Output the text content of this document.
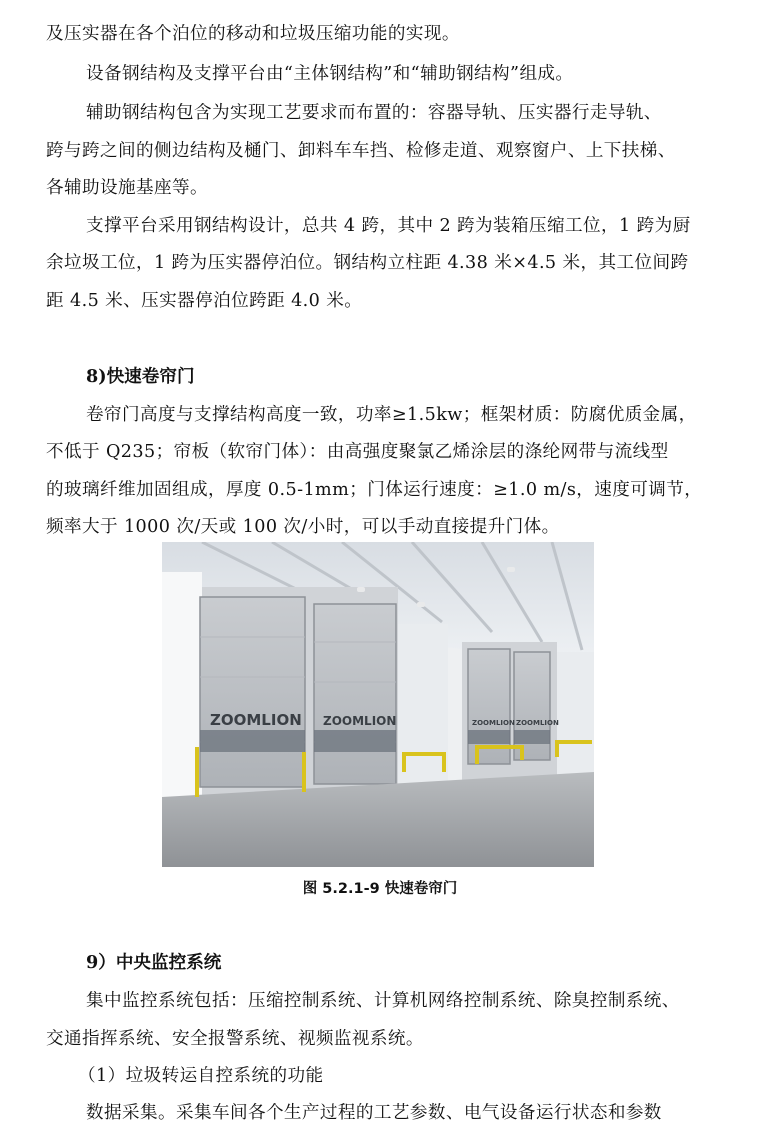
及压实器在各个泊位的移动和垃圾压缩功能的实现。
设备钢结构及支撑平台由“主体钢结构”和“辅助钢结构”组成。
辅助钢结构包含为实现工艺要求而布置的：容器导轨、压实器行走导轨、
跨与跨之间的侧边结构及樋门、卸料车车挡、检修走道、观察窗户、上下扶梯、
各辅助设施基座等。
支撑平台采用钢结构设计，总共 4 跨，其中 2 跨为装箱压缩工位，1 跨为厨
余垃圾工位，1 跨为压实器停泊位。钢结构立柱距 4.38 米×4.5 米，其工位间跨
距 4.5 米、压实器停泊位跨距 4.0 米。
8)快速卷帘门
卷帘门高度与支撑结构高度一致，功率≥1.5kw；框架材质：防腐优质金属，
不低于 Q235；帘板（软帘门体）：由高强度聚氯乙烯涂层的涤纶网带与流线型
的玻璃纤维加固组成，厚度 0.5-1mm；门体运行速度：≥1.0 m/s，速度可调节，
频率大于 1000 次/天或 100 次/小时，可以手动直接提升门体。
ZOOMLION ZOOMLION	ZOOMLION ZOOMLION
图 5.2.1-9 快速卷帘门
9）中央监控系统
集中监控系统包括：压缩控制系统、计算机网络控制系统、除臭控制系统、
交通指挥系统、安全报警系统、视频监视系统。
（1）垃圾转运自控系统的功能
数据采集。采集车间各个生产过程的工艺参数、电气设备运行状态和参数
